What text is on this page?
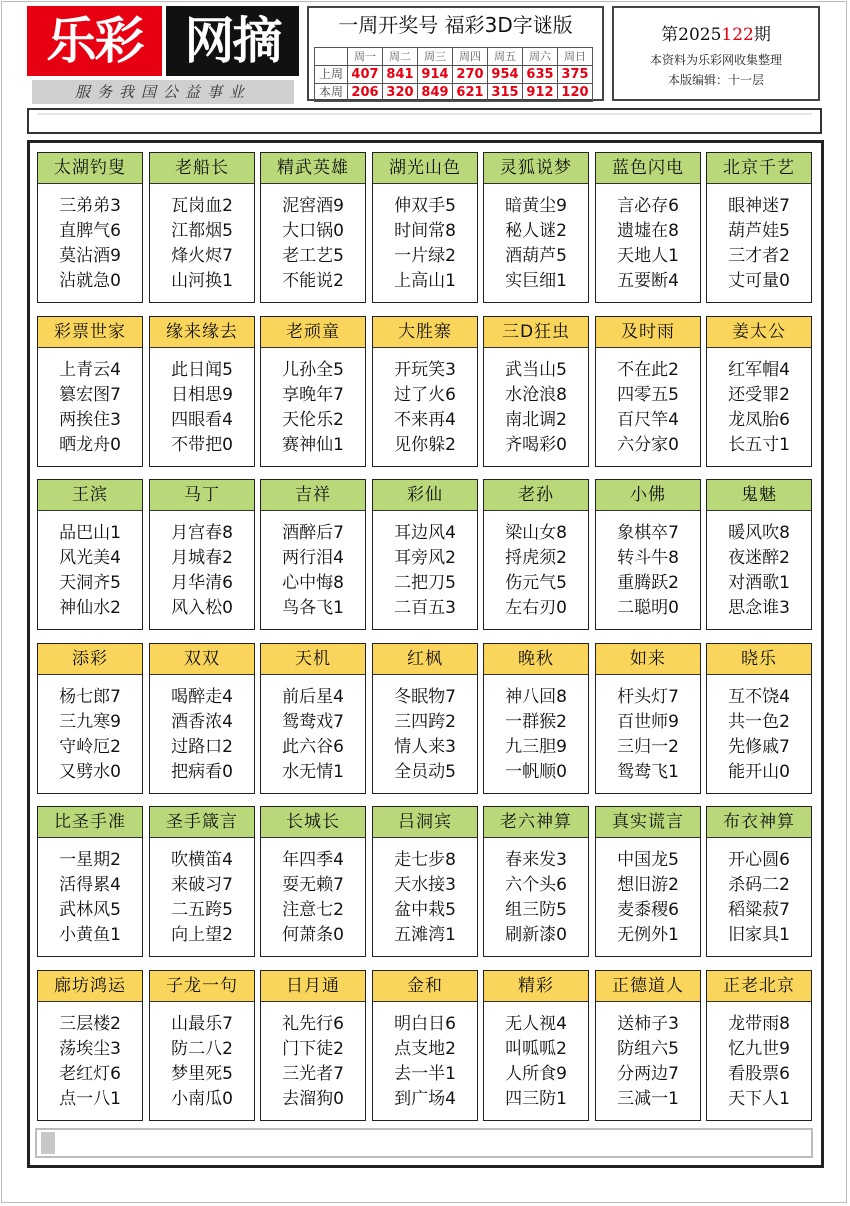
乐彩 网摘
服务我国公益事业
一周开奖号 福彩3D字谜版
	周一	周二	周三	周四	周五	周六	周日
上周	407	841	914	270	954	635	375
本周	206	320	849	621	315	912	120
第2025122期
本资料为乐彩网收集整理
本版编辑：十一层
太湖钓叟
三弟弟3
直脾气6
莫沾酒9
沾就急0
老船长
瓦岗血2
江都烟5
烽火烬7
山河换1
精武英雄
泥窖酒9
大口锅0
老工艺5
不能说2
湖光山色
伸双手5
时间常8
一片绿2
上高山1
灵狐说梦
暗黄尘9
秘人谜2
酒葫芦5
实巨细1
蓝色闪电
言必存6
遗墟在8
天地人1
五要断4
北京千艺
眼神迷7
葫芦娃5
三才者2
丈可量0
彩票世家
上青云4
篡宏图7
两挨住3
晒龙舟0
缘来缘去
此日闻5
日相思9
四眼看4
不带把0
老顽童
儿孙全5
享晚年7
天伦乐2
赛神仙1
大胜寨
开玩笑3
过了火6
不来再4
见你躲2
三D狂虫
武当山5
水沧浪8
南北调2
齐喝彩0
及时雨
不在此2
四零五5
百尺竿4
六分家0
姜太公
红军帽4
还受罪2
龙凤胎6
长五寸1
王滨
品巴山1
风光美4
天洞齐5
神仙水2
马丁
月宫春8
月城春2
月华清6
风入松0
吉祥
酒醉后7
两行泪4
心中悔8
鸟各飞1
彩仙
耳边风4
耳旁风2
二把刀5
二百五3
老孙
梁山女8
捋虎须2
伤元气5
左右刃0
小佛
象棋卒7
转斗牛8
重腾跃2
二聪明0
鬼魅
暖风吹8
夜迷醉2
对酒歌1
思念谁3
添彩
杨七郎7
三九寒9
守岭厄2
又劈水0
双双
喝醉走4
酒香浓4
过路口2
把病看0
天机
前后星4
鸳鸯戏7
此六谷6
水无情1
红枫
冬眠物7
三四跨2
情人来3
全员动5
晚秋
神八回8
一群猴2
九三胆9
一帆顺0
如来
杆头灯7
百世师9
三归一2
鸳鸯飞1
晓乐
互不饶4
共一色2
先修戚7
能开山0
比圣手准
一星期2
活得累4
武林风5
小黄鱼1
圣手箴言
吹横笛4
来破习7
二五跨5
向上望2
长城长
年四季4
耍无赖7
注意七2
何萧条0
吕洞宾
走七步8
天水接3
盆中栽5
五滩湾1
老六神算
春来发3
六个头6
组三防5
刷新漆0
真实谎言
中国龙5
想旧游2
麦黍稷6
无例外1
布衣神算
开心圆6
杀码二2
稻粱菽7
旧家具1
廊坊鸿运
三层楼2
荡埃尘3
老红灯6
点一八1
子龙一句
山最乐7
防二八2
梦里死5
小南瓜0
日月通
礼先行6
门下徒2
三光者7
去溜狗0
金和
明白日6
点支地2
去一半1
到广场4
精彩
无人视4
叫呱呱2
人所食9
四三防1
正德道人
送柿子3
防组六5
分两边7
三减一1
正老北京
龙带雨8
忆九世9
看股票6
天下人1
